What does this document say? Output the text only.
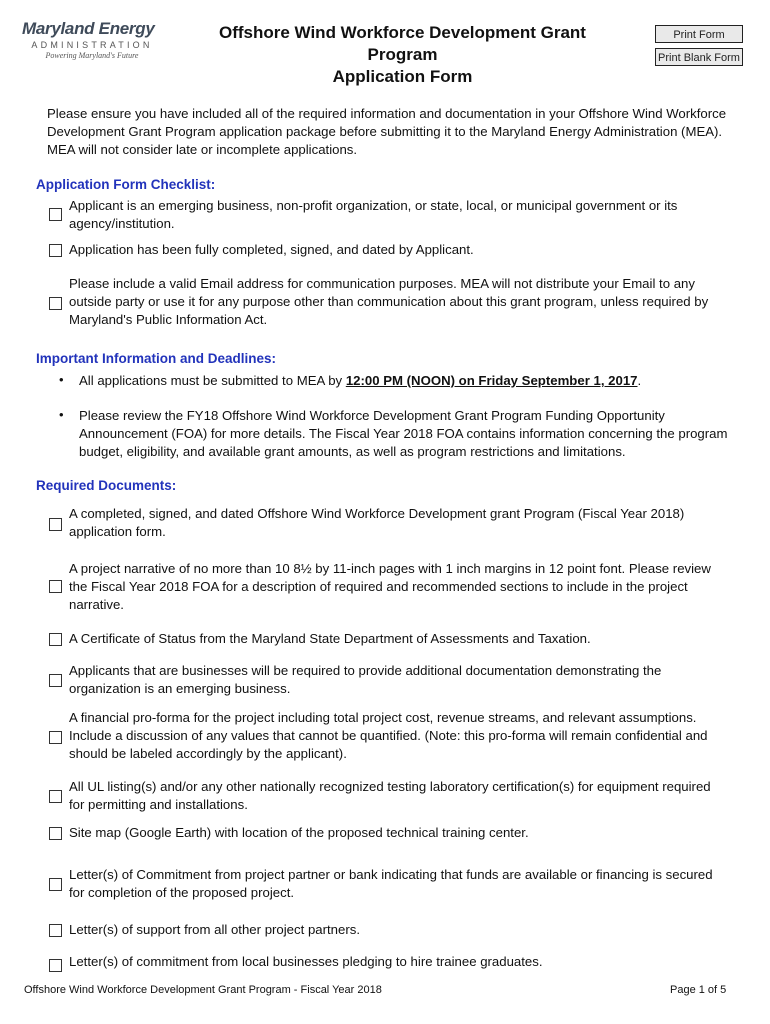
Maryland Energy
ADMINISTRATION
Powering Maryland's Future
Offshore Wind Workforce Development Grant Program
Application Form
Print Form
Print Blank Form
Please ensure you have included all of the required information and documentation in your Offshore Wind Workforce Development Grant Program application package before submitting it to the Maryland Energy Administration (MEA). MEA will not consider late or incomplete applications.
Application Form Checklist:
Applicant is an emerging business, non-profit organization, or state, local, or municipal government or its agency/institution.
Application has been fully completed, signed, and dated by Applicant.
Please include a valid Email address for communication purposes. MEA will not distribute your Email to any outside party or use it for any purpose other than communication about this grant program, unless required by Maryland's Public Information Act.
Important Information and Deadlines:
• All applications must be submitted to MEA by 12:00 PM (NOON) on Friday September 1, 2017.
• Please review the FY18 Offshore Wind Workforce Development Grant Program Funding Opportunity Announcement (FOA) for more details. The Fiscal Year 2018 FOA contains information concerning the program budget, eligibility, and available grant amounts, as well as program restrictions and limitations.
Required Documents:
A completed, signed, and dated Offshore Wind Workforce Development grant Program (Fiscal Year 2018) application form.
A project narrative of no more than 10 8½ by 11-inch pages with 1 inch margins in 12 point font. Please review the Fiscal Year 2018 FOA for a description of required and recommended sections to include in the project narrative.
A Certificate of Status from the Maryland State Department of Assessments and Taxation.
Applicants that are businesses will be required to provide additional documentation demonstrating the organization is an emerging business.
A financial pro-forma for the project including total project cost, revenue streams, and relevant assumptions. Include a discussion of any values that cannot be quantified. (Note: this pro-forma will remain confidential and should be labeled accordingly by the applicant).
All UL listing(s) and/or any other nationally recognized testing laboratory certification(s) for equipment required for permitting and installations.
Site map (Google Earth) with location of the proposed technical training center.
Letter(s) of Commitment from project partner or bank indicating that funds are available or financing is secured for completion of the proposed project.
Letter(s) of support from all other project partners.
Letter(s) of commitment from local businesses pledging to hire trainee graduates.
Offshore Wind Workforce Development Grant Program - Fiscal Year 2018	Page 1 of 5
